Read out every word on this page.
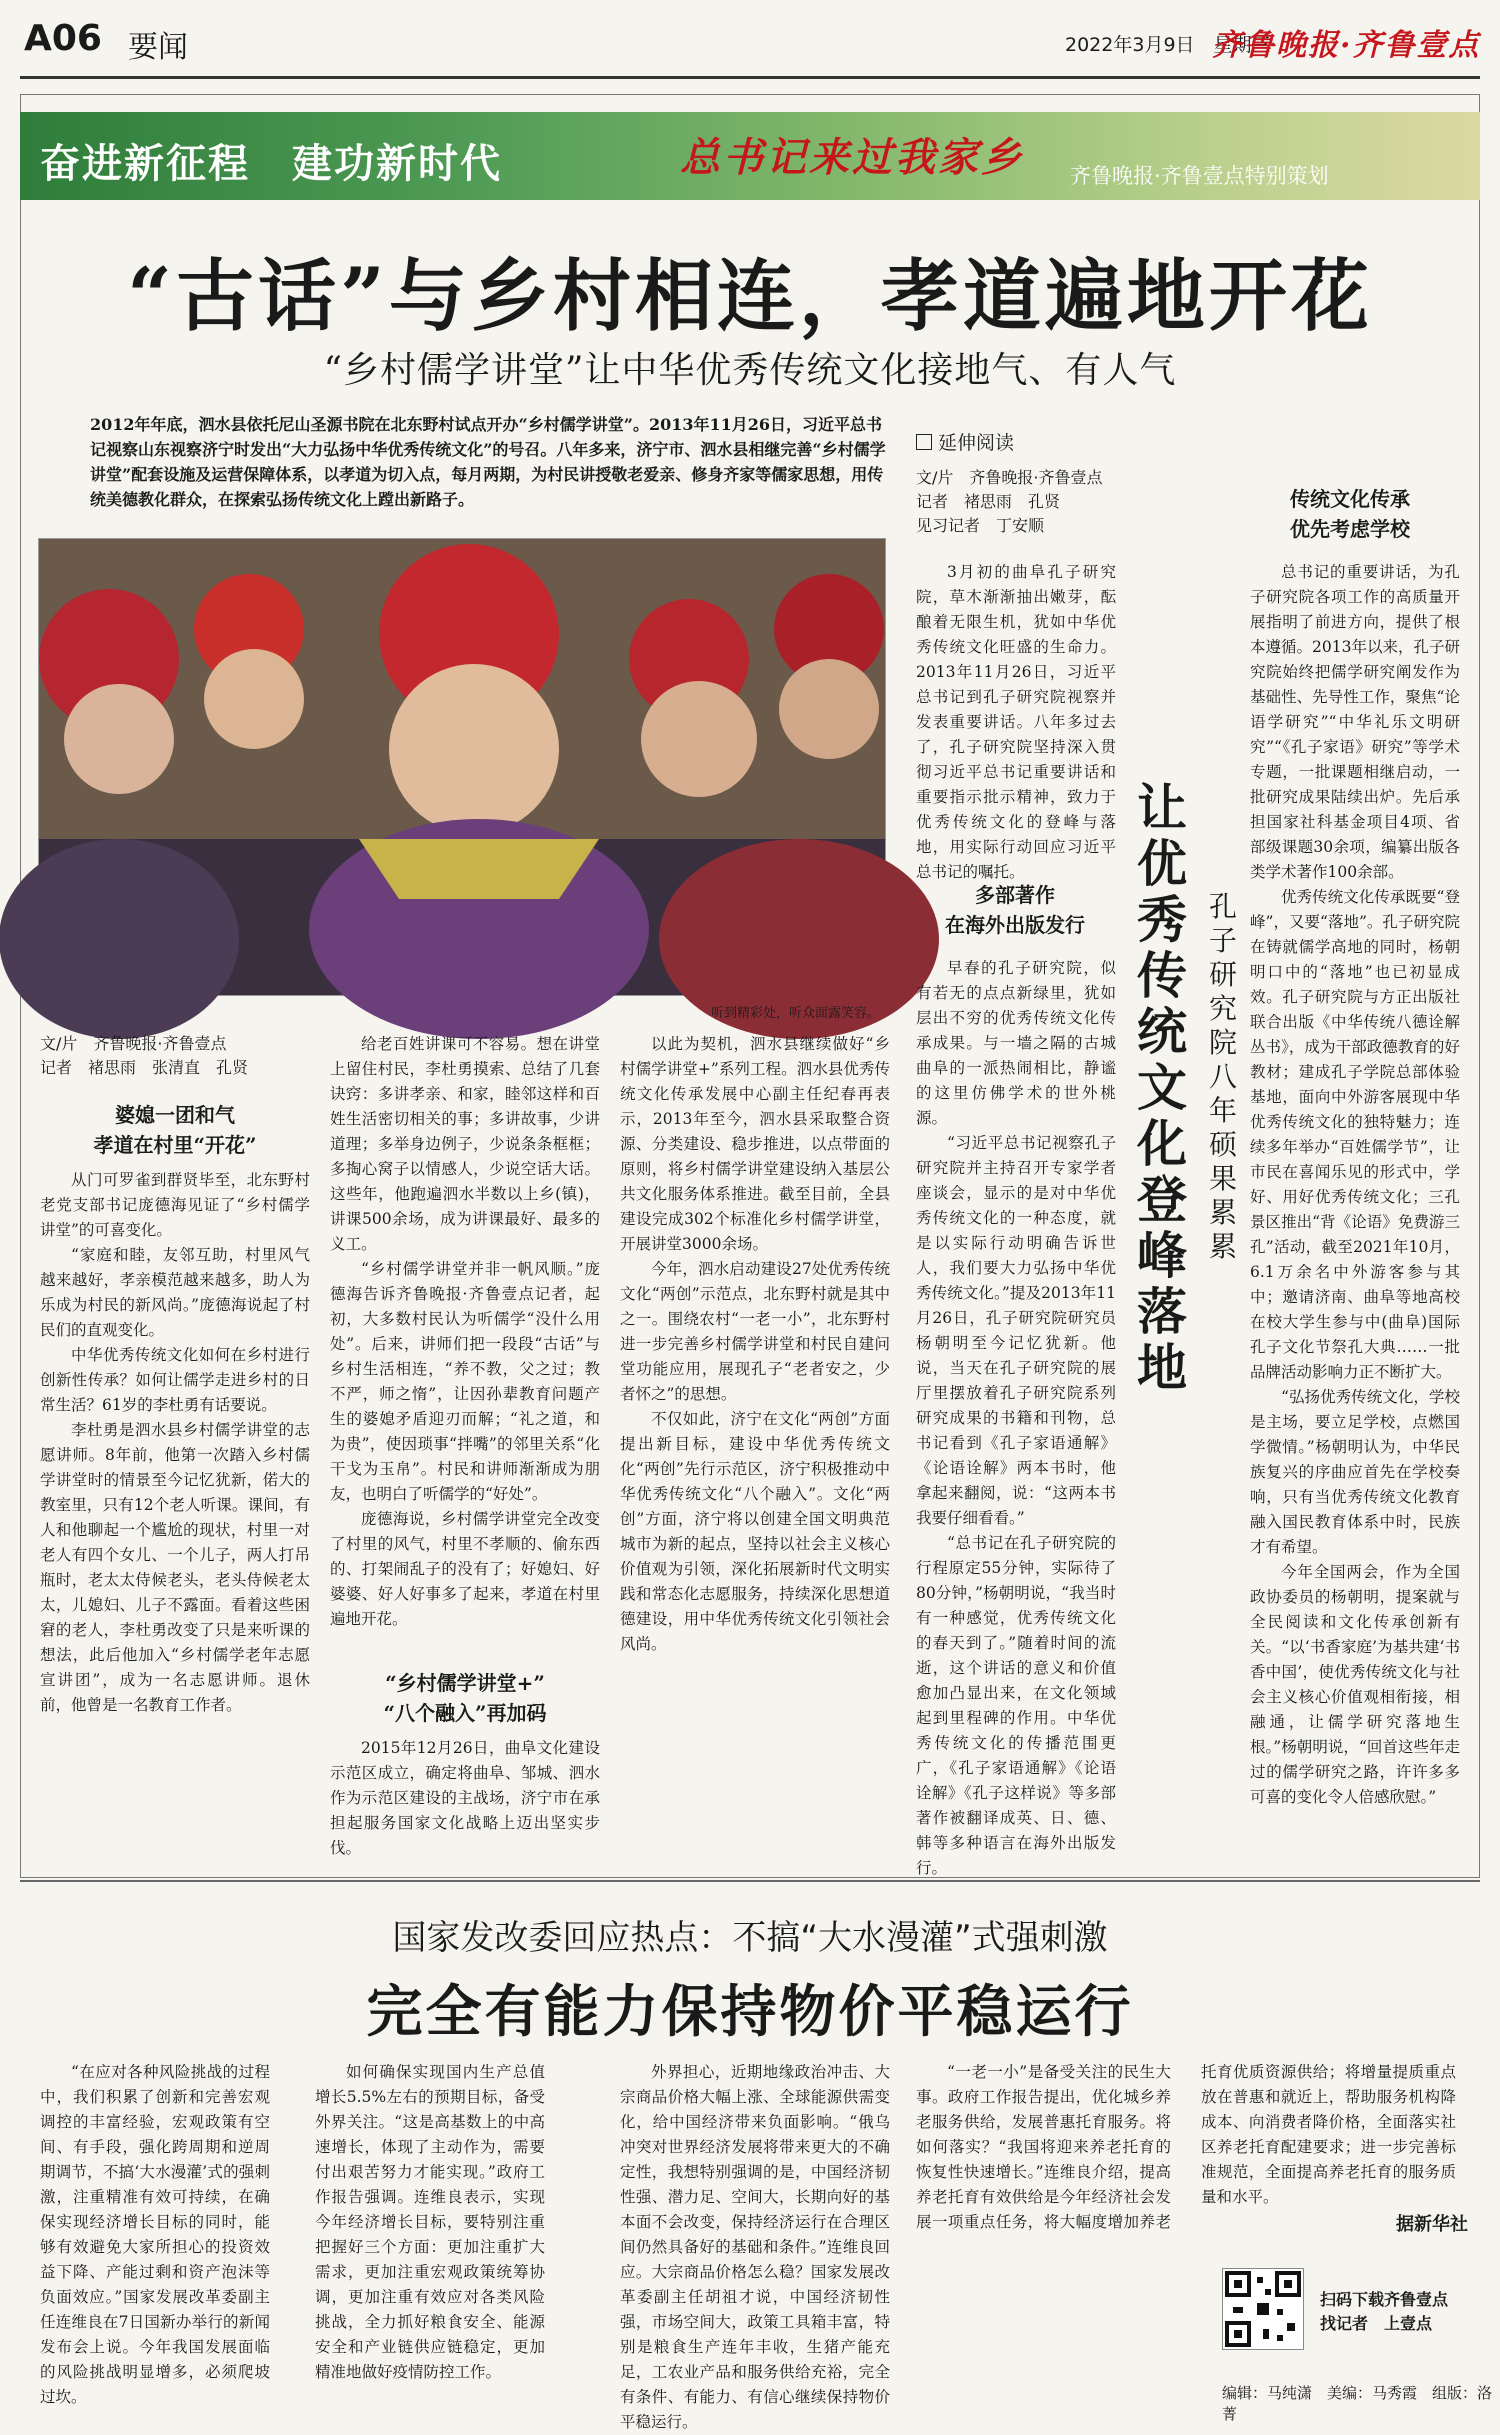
A06 要闻	2022年3月9日　星期三
齐鲁晚报·齐鲁壹点
奋进新征程　建功新时代	总书记来过我家乡 齐鲁晚报·齐鲁壹点特别策划
“古话”与乡村相连，孝道遍地开花
“乡村儒学讲堂”让中华优秀传统文化接地气、有人气
2012年年底，泗水县依托尼山圣源书院在北东野村试点开办“乡村儒学讲堂”。2013年11月26日，习近平总书记视察山东视察济宁时发出“大力弘扬中华优秀传统文化”的号召。八年多来，济宁市、泗水县相继完善“乡村儒学讲堂”配套设施及运营保障体系，以孝道为切入点，每月两期，为村民讲授敬老爱亲、修身齐家等儒家思想，用传统美德教化群众，在探索弘扬传统文化上蹚出新路子。
听到精彩处，听众面露笑容。
文/片　齐鲁晚报·齐鲁壹点
记者　褚思雨　张清直　孔贤
婆媳一团和气
孝道在村里“开花”

从门可罗雀到群贤毕至，北东野村老党支部书记庞德海见证了“乡村儒学讲堂”的可喜变化。

“家庭和睦，友邻互助，村里风气越来越好，孝亲模范越来越多，助人为乐成为村民的新风尚。”庞德海说起了村民们的直观变化。

中华优秀传统文化如何在乡村进行创新性传承？如何让儒学走进乡村的日常生活？61岁的李杜勇有话要说。

李杜勇是泗水县乡村儒学讲堂的志愿讲师。8年前，他第一次踏入乡村儒学讲堂时的情景至今记忆犹新，偌大的教室里，只有12个老人听课。课间，有人和他聊起一个尴尬的现状，村里一对老人有四个女儿、一个儿子，两人打吊瓶时，老太太侍候老头，老头侍候老太太，儿媳妇、儿子不露面。看着这些困窘的老人，李杜勇改变了只是来听课的想法，此后他加入“乡村儒学老年志愿宣讲团”，成为一名志愿讲师。退休前，他曾是一名教育工作者。

给老百姓讲课可不容易。想在讲堂上留住村民，李杜勇摸索、总结了几套诀窍：多讲孝亲、和家，睦邻这样和百姓生活密切相关的事；多讲故事，少讲道理；多举身边例子，少说条条框框；多掏心窝子以情感人，少说空话大话。这些年，他跑遍泗水半数以上乡(镇)，讲课500余场，成为讲课最好、最多的义工。

“乡村儒学讲堂并非一帆风顺。”庞德海告诉齐鲁晚报·齐鲁壹点记者，起初，大多数村民认为听儒学“没什么用处”。后来，讲师们把一段段“古话”与乡村生活相连，“养不教，父之过；教不严，师之惰”，让因孙辈教育问题产生的婆媳矛盾迎刃而解；“礼之道，和为贵”，使因琐事“拌嘴”的邻里关系“化干戈为玉帛”。村民和讲师渐渐成为朋友，也明白了听儒学的“好处”。

庞德海说，乡村儒学讲堂完全改变了村里的风气，村里不孝顺的、偷东西的、打架闹乱子的没有了；好媳妇、好婆婆、好人好事多了起来，孝道在村里遍地开花。

“乡村儒学讲堂+”
“八个融入”再加码

2015年12月26日，曲阜文化建设示范区成立，确定将曲阜、邹城、泗水作为示范区建设的主战场，济宁市在承担起服务国家文化战略上迈出坚实步伐。

以此为契机，泗水县继续做好“乡村儒学讲堂+”系列工程。泗水县优秀传统文化传承发展中心副主任纪春再表示，2013年至今，泗水县采取整合资源、分类建设、稳步推进，以点带面的原则，将乡村儒学讲堂建设纳入基层公共文化服务体系推进。截至目前，全县建设完成302个标准化乡村儒学讲堂，开展讲堂3000余场。

今年，泗水启动建设27处优秀传统文化“两创”示范点，北东野村就是其中之一。围绕农村“一老一小”，北东野村进一步完善乡村儒学讲堂和村民自建问堂功能应用，展现孔子“老者安之，少者怀之”的思想。

不仅如此，济宁在文化“两创”方面提出新目标，建设中华优秀传统文化“两创”先行示范区，济宁积极推动中华优秀传统文化“八个融入”。文化“两创”方面，济宁将以创建全国文明典范城市为新的起点，坚持以社会主义核心价值观为引领，深化拓展新时代文明实践和常态化志愿服务，持续深化思想道德建设，用中华优秀传统文化引领社会风尚。

延伸阅读
文/片　齐鲁晚报·齐鲁壹点
记者　褚思雨　孔贤
见习记者　丁安顺

3月初的曲阜孔子研究院，草木渐渐抽出嫩芽，酝酿着无限生机，犹如中华优秀传统文化旺盛的生命力。2013年11月26日，习近平总书记到孔子研究院视察并发表重要讲话。八年多过去了，孔子研究院坚持深入贯彻习近平总书记重要讲话和重要指示批示精神，致力于优秀传统文化的登峰与落地，用实际行动回应习近平总书记的嘱托。

多部著作
在海外出版发行

早春的孔子研究院，似有若无的点点新绿里，犹如层出不穷的优秀传统文化传承成果。与一墙之隔的古城曲阜的一派热闹相比，静谧的这里仿佛学术的世外桃源。

“习近平总书记视察孔子研究院并主持召开专家学者座谈会，显示的是对中华优秀传统文化的一种态度，就是以实际行动明确告诉世人，我们要大力弘扬中华优秀传统文化。”提及2013年11月26日，孔子研究院研究员杨朝明至今记忆犹新。他说，当天在孔子研究院的展厅里摆放着孔子研究院系列研究成果的书籍和刊物，总书记看到《孔子家语通解》《论语诠解》两本书时，他拿起来翻阅，说：“这两本书我要仔细看看。”

“总书记在孔子研究院的行程原定55分钟，实际待了80分钟，”杨朝明说，“我当时有一种感觉，优秀传统文化的春天到了。”随着时间的流逝，这个讲话的意义和价值愈加凸显出来，在文化领域起到里程碑的作用。中华优秀传统文化的传播范围更广，《孔子家语通解》《论语诠解》《孔子这样说》等多部著作被翻译成英、日、德、韩等多种语言在海外出版发行。

让优秀传统文化登峰落地
孔子研究院八年硕果累累
传统文化传承
优先考虑学校

总书记的重要讲话，为孔子研究院各项工作的高质量开展指明了前进方向，提供了根本遵循。2013年以来，孔子研究院始终把儒学研究阐发作为基础性、先导性工作，聚焦“论语学研究”“中华礼乐文明研究”“《孔子家语》研究”等学术专题，一批课题相继启动，一批研究成果陆续出炉。先后承担国家社科基金项目4项、省部级课题30余项，编纂出版各类学术著作100余部。

优秀传统文化传承既要“登峰”，又要“落地”。孔子研究院在铸就儒学高地的同时，杨朝明口中的“落地”也已初显成效。孔子研究院与方正出版社联合出版《中华传统八德诠解丛书》，成为干部政德教育的好教材；建成孔子学院总部体验基地，面向中外游客展现中华优秀传统文化的独特魅力；连续多年举办“百姓儒学节”，让市民在喜闻乐见的形式中，学好、用好优秀传统文化；三孔景区推出“背《论语》免费游三孔”活动，截至2021年10月，6.1万余名中外游客参与其中；邀请济南、曲阜等地高校在校大学生参与中(曲阜)国际孔子文化节祭孔大典……一批品牌活动影响力正不断扩大。

“弘扬优秀传统文化，学校是主场，要立足学校，点燃国学微情。”杨朝明认为，中华民族复兴的序曲应首先在学校奏响，只有当优秀传统文化教育融入国民教育体系中时，民族才有希望。

今年全国两会，作为全国政协委员的杨朝明，提案就与全民阅读和文化传承创新有关。“以‘书香家庭’为基共建‘书香中国’，使优秀传统文化与社会主义核心价值观相衔接，相融通，让儒学研究落地生根。”杨朝明说，“回首这些年走过的儒学研究之路，许许多多可喜的变化令人倍感欣慰。”

国家发改委回应热点：不搞“大水漫灌”式强刺激
完全有能力保持物价平稳运行

“在应对各种风险挑战的过程中，我们积累了创新和完善宏观调控的丰富经验，宏观政策有空间、有手段，强化跨周期和逆周期调节，不搞‘大水漫灌’式的强刺激，注重精准有效可持续，在确保实现经济增长目标的同时，能够有效避免大家所担心的投资效益下降、产能过剩和资产泡沫等负面效应。”国家发展改革委副主任连维良在7日国新办举行的新闻发布会上说。今年我国发展面临的风险挑战明显增多，必须爬坡过坎。

如何确保实现国内生产总值增长5.5%左右的预期目标，备受外界关注。“这是高基数上的中高速增长，体现了主动作为，需要付出艰苦努力才能实现。”政府工作报告强调。连维良表示，实现今年经济增长目标，要特别注重把握好三个方面：更加注重扩大需求，更加注重宏观政策统筹协调，更加注重有效应对各类风险挑战，全力抓好粮食安全、能源安全和产业链供应链稳定，更加精准地做好疫情防控工作。

外界担心，近期地缘政治冲击、大宗商品价格大幅上涨、全球能源供需变化，给中国经济带来负面影响。“俄乌冲突对世界经济发展将带来更大的不确定性，我想特别强调的是，中国经济韧性强、潜力足、空间大，长期向好的基本面不会改变，保持经济运行在合理区间仍然具备好的基础和条件。”连维良回应。大宗商品价格怎么稳？国家发展改革委副主任胡祖才说，中国经济韧性强，市场空间大，政策工具箱丰富，特别是粮食生产连年丰收，生猪产能充足，工农业产品和服务供给充裕，完全有条件、有能力、有信心继续保持物价平稳运行。

“一老一小”是备受关注的民生大事。政府工作报告提出，优化城乡养老服务供给，发展普惠托育服务。将如何落实？“我国将迎来养老托育的恢复性快速增长。”连维良介绍，提高养老托育有效供给是今年经济社会发展一项重点任务，将大幅度增加养老托育优质资源供给；将增量提质重点放在普惠和就近上，帮助服务机构降成本、向消费者降价格，全面落实社区养老托育配建要求；进一步完善标准规范，全面提高养老托育的服务质量和水平。

据新华社
扫码下载齐鲁壹点
找记者　上壹点
编辑：马纯潇　美编：马秀霞　组版：洛菁
